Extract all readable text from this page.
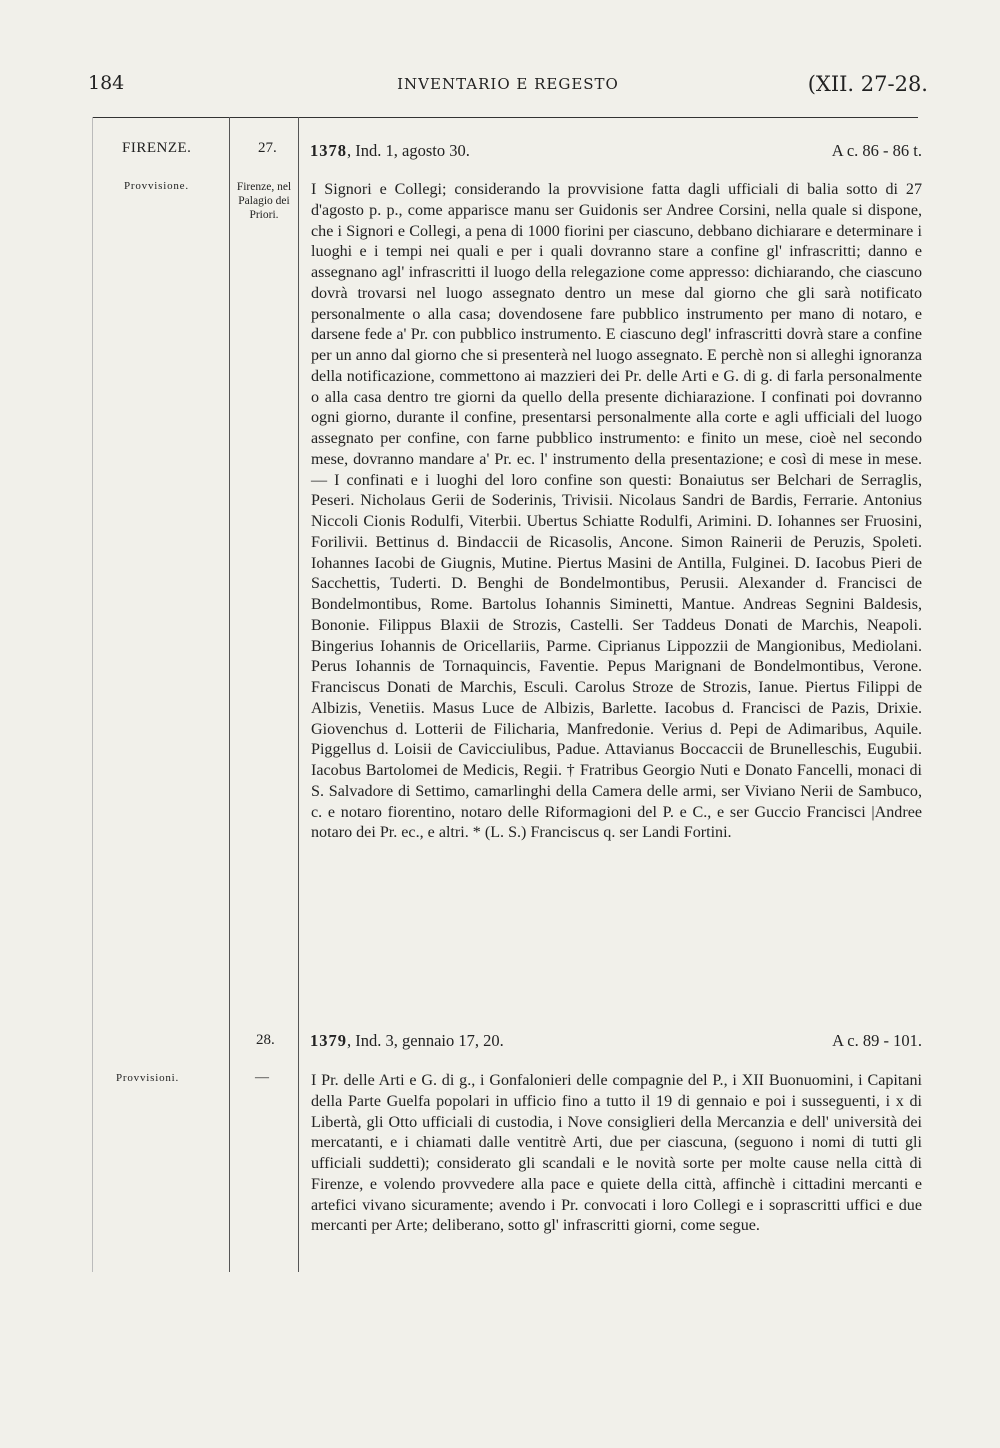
184	INVENTARIO E REGESTO	(XII. 27-28.
FIRENZE.
Provvisione.
27.
Firenze, nel Palagio dei Priori.
1378, Ind. 1, agosto 30.	A c. 86 - 86 t.

I Signori e Collegi; considerando la provvisione fatta dagli ufficiali di balia sotto di 27 d'agosto p. p., come apparisce manu ser Guidonis ser Andree Corsini, nella quale si dispone, che i Signori e Collegi, a pena di 1000 fiorini per ciascuno, debbano dichiarare e determinare i luoghi e i tempi nei quali e per i quali dovranno stare a confine gl' infrascritti; danno e assegnano agl' infrascritti il luogo della relegazione come appresso: dichiarando, che ciascuno dovrà trovarsi nel luogo assegnato dentro un mese dal giorno che gli sarà notificato personalmente o alla casa; dovendosene fare pubblico instrumento per mano di notaro, e darsene fede a' Pr. con pubblico instrumento. E ciascuno degl' infrascritti dovrà stare a confine per un anno dal giorno che si presenterà nel luogo assegnato. E perchè non si alleghi ignoranza della notificazione, commettono ai mazzieri dei Pr. delle Arti e G. di g. di farla personalmente o alla casa dentro tre giorni da quello della presente dichiarazione. I confinati poi dovranno ogni giorno, durante il confine, presentarsi personalmente alla corte e agli ufficiali del luogo assegnato per confine, con farne pubblico instrumento: e finito un mese, cioè nel secondo mese, dovranno mandare a' Pr. ec. l' instrumento della presentazione; e così di mese in mese. — I confinati e i luoghi del loro confine son questi: Bonaiutus ser Belchari de Serraglis, Peseri. Nicholaus Gerii de Soderinis, Trivisii. Nicolaus Sandri de Bardis, Ferrarie. Antonius Niccoli Cionis Rodulfi, Viterbii. Ubertus Schiatte Rodulfi, Arimini. D. Iohannes ser Fruosini, Forilivii. Bettinus d. Bindaccii de Ricasolis, Ancone. Simon Rainerii de Peruzis, Spoleti. Iohannes Iacobi de Giugnis, Mutine. Piertus Masini de Antilla, Fulginei. D. Iacobus Pieri de Sacchettis, Tuderti. D. Benghi de Bondelmontibus, Perusii. Alexander d. Francisci de Bondelmontibus, Rome. Bartolus Iohannis Siminetti, Mantue. Andreas Segnini Baldesis, Bononie. Filippus Blaxii de Strozis, Castelli. Ser Taddeus Donati de Marchis, Neapoli. Bingerius Iohannis de Oricellariis, Parme. Ciprianus Lippozzii de Mangionibus, Mediolani. Perus Iohannis de Tornaquincis, Faventie. Pepus Marignani de Bondelmontibus, Verone. Franciscus Donati de Marchis, Esculi. Carolus Stroze de Strozis, Ianue. Piertus Filippi de Albizis, Venetiis. Masus Luce de Albizis, Barlette. Iacobus d. Francisci de Pazis, Drixie. Giovenchus d. Lotterii de Filicharia, Manfredonie. Verius d. Pepi de Adimaribus, Aquile. Piggellus d. Loisii de Cavicciulibus, Padue. Attavianus Boccaccii de Brunelleschis, Eugubii. Iacobus Bartolomei de Medicis, Regii. † Fratribus Georgio Nuti e Donato Fancelli, monaci di S. Salvadore di Settimo, camarlinghi della Camera delle armi, ser Viviano Nerii de Sambuco, c. e notaro fiorentino, notaro delle Riformagioni del P. e C., e ser Guccio Francisci |Andree notaro dei Pr. ec., e altri. * (L. S.) Franciscus q. ser Landi Fortini.

28.
Provvisioni.	—
1379, Ind. 3, gennaio 17, 20.	A c. 89 - 101.

I Pr. delle Arti e G. di g., i Gonfalonieri delle compagnie del P., i XII Buonuomini, i Capitani della Parte Guelfa popolari in ufficio fino a tutto il 19 di gennaio e poi i susseguenti, i x di Libertà, gli Otto ufficiali di custodia, i Nove consiglieri della Mercanzia e dell' università dei mercatanti, e i chiamati dalle ventitrè Arti, due per ciascuna, (seguono i nomi di tutti gli ufficiali suddetti); considerato gli scandali e le novità sorte per molte cause nella città di Firenze, e volendo provvedere alla pace e quiete della città, affinchè i cittadini mercanti e artefici vivano sicuramente; avendo i Pr. convocati i loro Collegi e i soprascritti uffici e due mercanti per Arte; deliberano, sotto gl' infrascritti giorni, come segue.
